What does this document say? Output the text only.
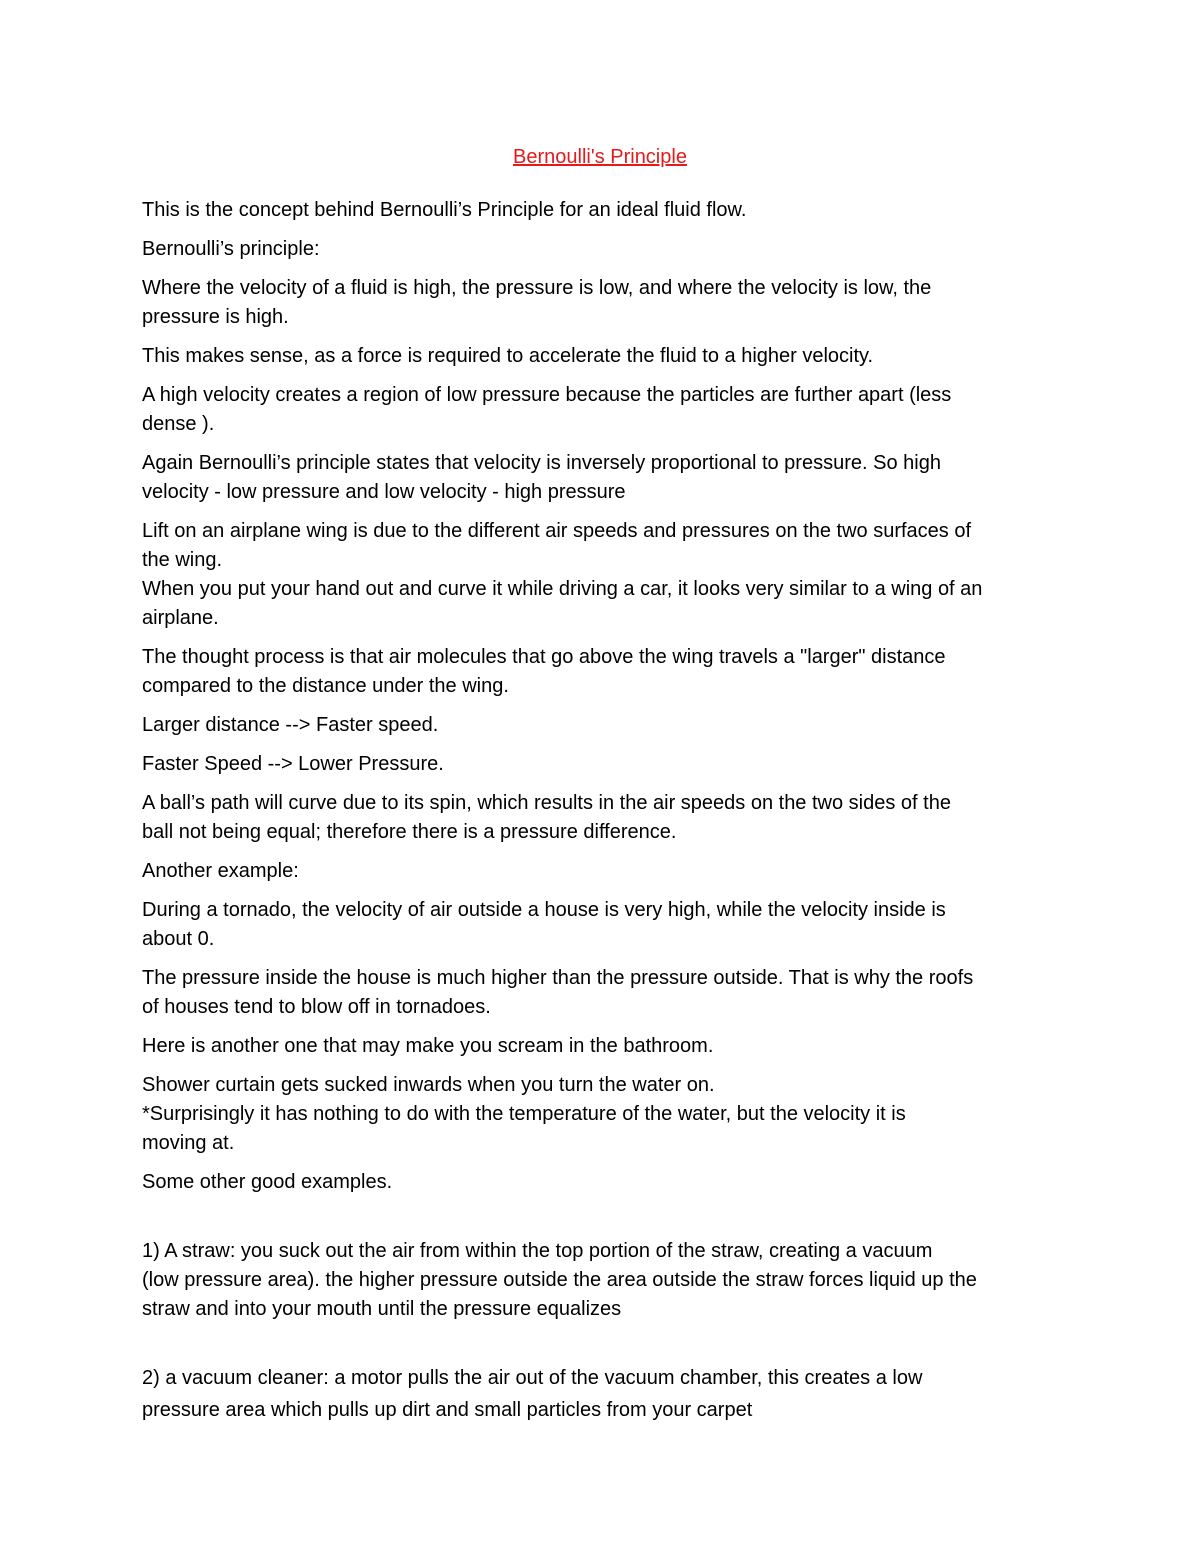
Bernoulli's Principle

This is the concept behind Bernoulli’s Principle for an ideal fluid flow.

Bernoulli’s principle:

Where the velocity of a fluid is high, the pressure is low, and where the velocity is low, the
pressure is high.

This makes sense, as a force is required to accelerate the fluid to a higher velocity.

A high velocity creates a region of low pressure because the particles are further apart (less
dense ).

Again Bernoulli’s principle states that velocity is inversely proportional to pressure. So high
velocity - low pressure and low velocity - high pressure

Lift on an airplane wing is due to the different air speeds and pressures on the two surfaces of
the wing.

When you put your hand out and curve it while driving a car, it looks very similar to a wing of an
airplane.

The thought process is that air molecules that go above the wing travels a "larger" distance
compared to the distance under the wing.

Larger distance --> Faster speed.

Faster Speed --> Lower Pressure.

A ball’s path will curve due to its spin, which results in the air speeds on the two sides of the
ball not being equal; therefore there is a pressure difference.

Another example:

During a tornado, the velocity of air outside a house is very high, while the velocity inside is
about 0.

The pressure inside the house is much higher than the pressure outside. That is why the roofs
of houses tend to blow off in tornadoes.

Here is another one that may make you scream in the bathroom.

Shower curtain gets sucked inwards when you turn the water on.

*Surprisingly it has nothing to do with the temperature of the water, but the velocity it is
moving at.

Some other good examples.

1) A straw: you suck out the air from within the top portion of the straw, creating a vacuum
(low pressure area). the higher pressure outside the area outside the straw forces liquid up the
straw and into your mouth until the pressure equalizes

2) a vacuum cleaner: a motor pulls the air out of the vacuum chamber, this creates a low
pressure area which pulls up dirt and small particles from your carpet
